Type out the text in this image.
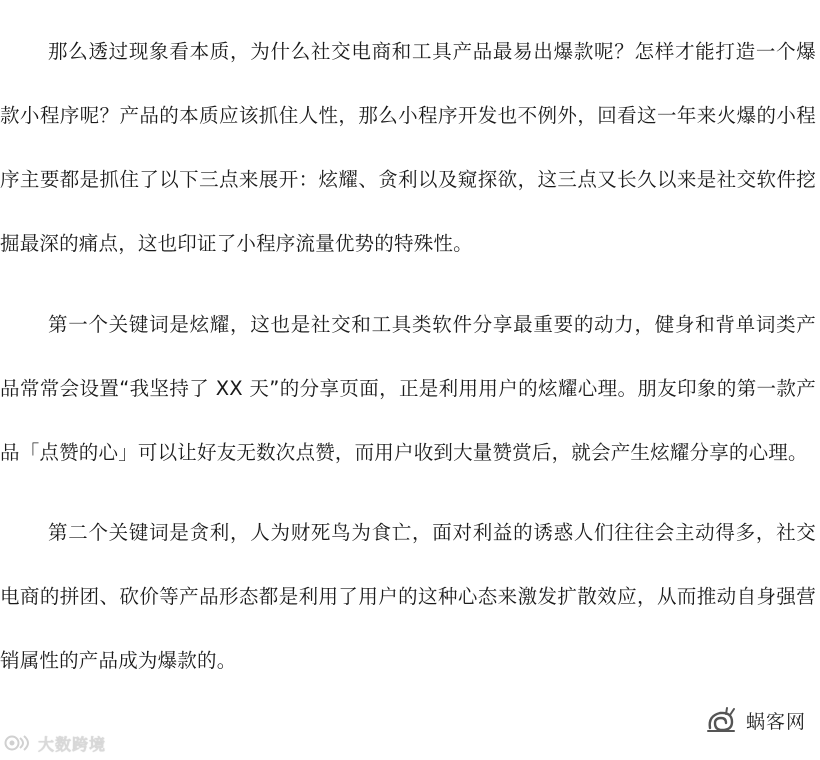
那么透过现象看本质，为什么社交电商和工具产品最易出爆款呢？怎样才能打造一个爆款小程序呢？产品的本质应该抓住人性，那么小程序开发也不例外，回看这一年来火爆的小程序主要都是抓住了以下三点来展开：炫耀、贪利以及窥探欲，这三点又长久以来是社交软件挖掘最深的痛点，这也印证了小程序流量优势的特殊性。

第一个关键词是炫耀，这也是社交和工具类软件分享最重要的动力，健身和背单词类产品常常会设置“我坚持了 XX 天”的分享页面，正是利用用户的炫耀心理。朋友印象的第一款产品「点赞的心」可以让好友无数次点赞，而用户收到大量赞赏后，就会产生炫耀分享的心理。

第二个关键词是贪利，人为财死鸟为食亡，面对利益的诱惑人们往往会主动得多，社交电商的拼团、砍价等产品形态都是利用了用户的这种心态来激发扩散效应，从而推动自身强营销属性的产品成为爆款的。

大数跨境
蜗客网
